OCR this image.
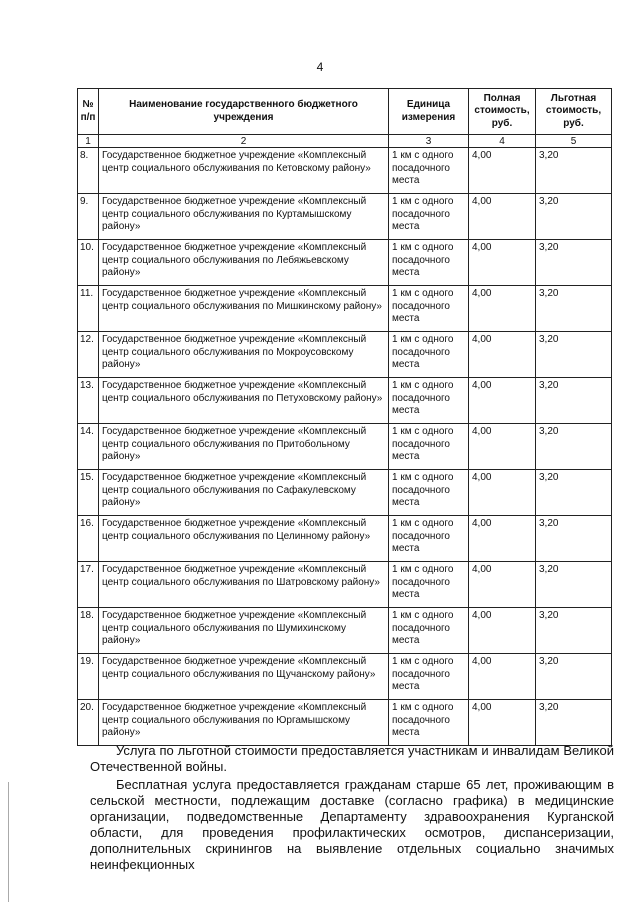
4
№ п/п	Наименование государственного бюджетного учреждения	Единица измерения	Полная стоимость, руб.	Льготная стоимость, руб.
1	2	3	4	5
8.	Государственное бюджетное учреждение «Комплексный центр социального обслуживания по Кетовскому району»	1 км с одного посадочного места	4,00	3,20
9.	Государственное бюджетное учреждение «Комплексный центр социального обслуживания по Куртамышскому району»	1 км с одного посадочного места	4,00	3,20
10.	Государственное бюджетное учреждение «Комплексный центр социального обслуживания по Лебяжьевскому району»	1 км с одного посадочного места	4,00	3,20
11.	Государственное бюджетное учреждение «Комплексный центр социального обслуживания по Мишкинскому району»	1 км с одного посадочного места	4,00	3,20
12.	Государственное бюджетное учреждение «Комплексный центр социального обслуживания по Мокроусовскому району»	1 км с одного посадочного места	4,00	3,20
13.	Государственное бюджетное учреждение «Комплексный центр социального обслуживания по Петуховскому району»	1 км с одного посадочного места	4,00	3,20
14.	Государственное бюджетное учреждение «Комплексный центр социального обслуживания по Притобольному району»	1 км с одного посадочного места	4,00	3,20
15.	Государственное бюджетное учреждение «Комплексный центр социального обслуживания по Сафакулевскому району»	1 км с одного посадочного места	4,00	3,20
16.	Государственное бюджетное учреждение «Комплексный центр социального обслуживания по Целинному району»	1 км с одного посадочного места	4,00	3,20
17.	Государственное бюджетное учреждение «Комплексный центр социального обслуживания по Шатровскому району»	1 км с одного посадочного места	4,00	3,20
18.	Государственное бюджетное учреждение «Комплексный центр социального обслуживания по Шумихинскому району»	1 км с одного посадочного места	4,00	3,20
19.	Государственное бюджетное учреждение «Комплексный центр социального обслуживания по Щучанскому району»	1 км с одного посадочного места	4,00	3,20
20.	Государственное бюджетное учреждение «Комплексный центр социального обслуживания по Юргамышскому району»	1 км с одного посадочного места	4,00	3,20

Услуга по льготной стоимости предоставляется участникам и инвалидам Великой Отечественной войны.

Бесплатная услуга предоставляется гражданам старше 65 лет, проживающим в сельской местности, подлежащим доставке (согласно графика) в медицинские организации, подведомственные Департаменту здравоохранения Курганской области, для проведения профилактических осмотров, диспансеризации, дополнительных скринингов на выявление отдельных социально значимых неинфекционных
